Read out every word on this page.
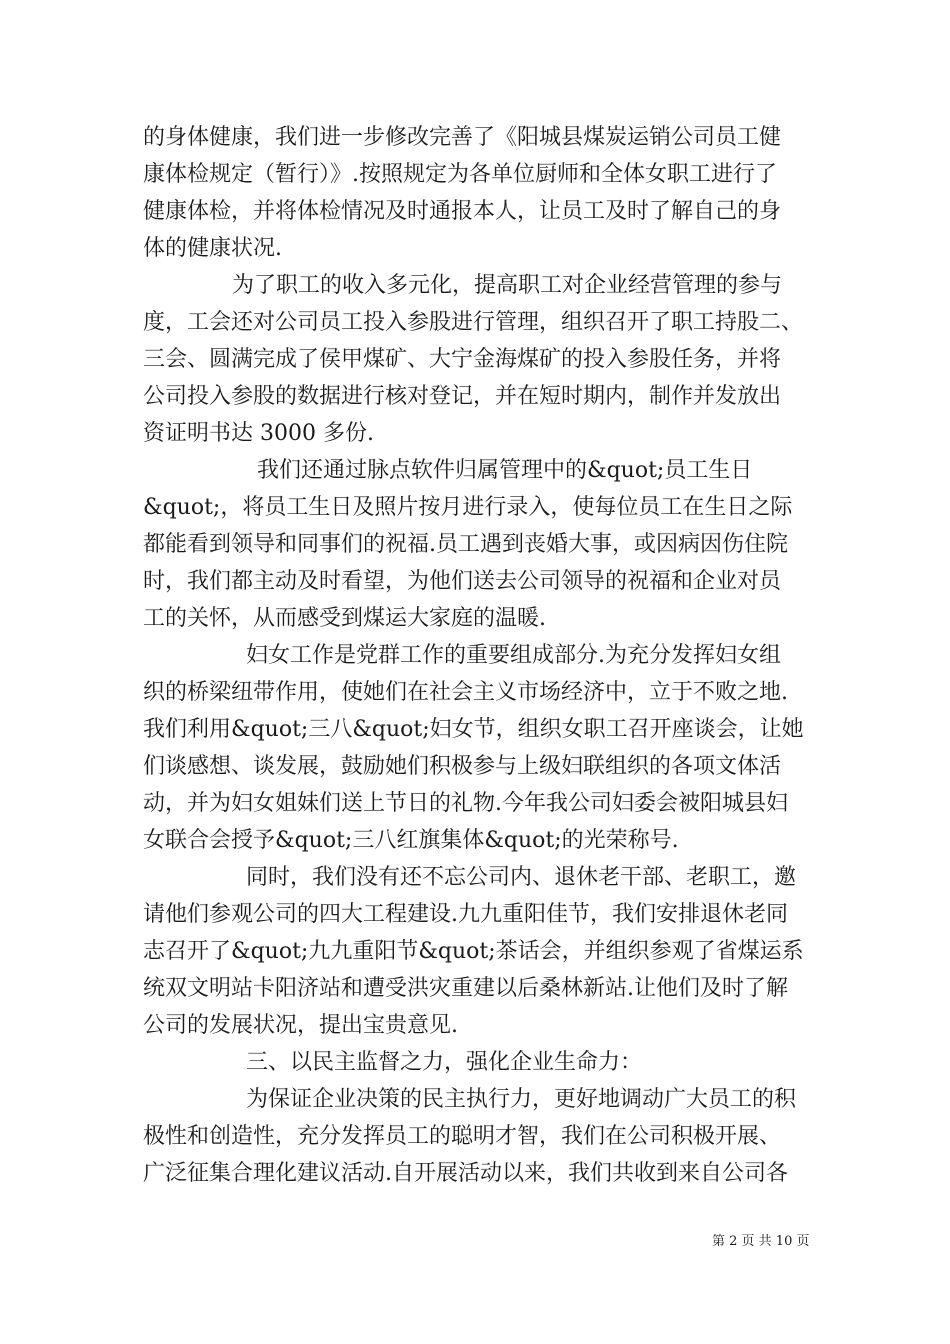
的身体健康，我们进一步修改完善了《阳城县煤炭运销公司员工健

康体检规定（暂行）》.按照规定为各单位厨师和全体女职工进行了

健康体检，并将体检情况及时通报本人，让员工及时了解自己的身

体的健康状况.

为了职工的收入多元化，提高职工对企业经营管理的参与

度，工会还对公司员工投入参股进行管理，组织召开了职工持股二、

三会、圆满完成了侯甲煤矿、大宁金海煤矿的投入参股任务，并将

公司投入参股的数据进行核对登记，并在短时期内，制作并发放出

资证明书达 3000 多份.

我们还通过脉点软件归属管理中的&quot;员工生日

&quot;，将员工生日及照片按月进行录入，使每位员工在生日之际

都能看到领导和同事们的祝福.员工遇到丧婚大事，或因病因伤住院

时，我们都主动及时看望，为他们送去公司领导的祝福和企业对员

工的关怀，从而感受到煤运大家庭的温暖.

妇女工作是党群工作的重要组成部分.为充分发挥妇女组

织的桥梁纽带作用，使她们在社会主义市场经济中，立于不败之地.

我们利用&quot;三八&quot;妇女节，组织女职工召开座谈会，让她

们谈感想、谈发展，鼓励她们积极参与上级妇联组织的各项文体活

动，并为妇女姐妹们送上节日的礼物.今年我公司妇委会被阳城县妇

女联合会授予&quot;三八红旗集体&quot;的光荣称号.

同时，我们没有还不忘公司内、退休老干部、老职工，邀

请他们参观公司的四大工程建设.九九重阳佳节，我们安排退休老同

志召开了&quot;九九重阳节&quot;茶话会，并组织参观了省煤运系

统双文明站卡阳济站和遭受洪灾重建以后桑林新站.让他们及时了解

公司的发展状况，提出宝贵意见.

三、以民主监督之力，强化企业生命力：

为保证企业决策的民主执行力，更好地调动广大员工的积

极性和创造性，充分发挥员工的聪明才智，我们在公司积极开展、

广泛征集合理化建议活动.自开展活动以来，我们共收到来自公司各

第 2 页 共 10 页
